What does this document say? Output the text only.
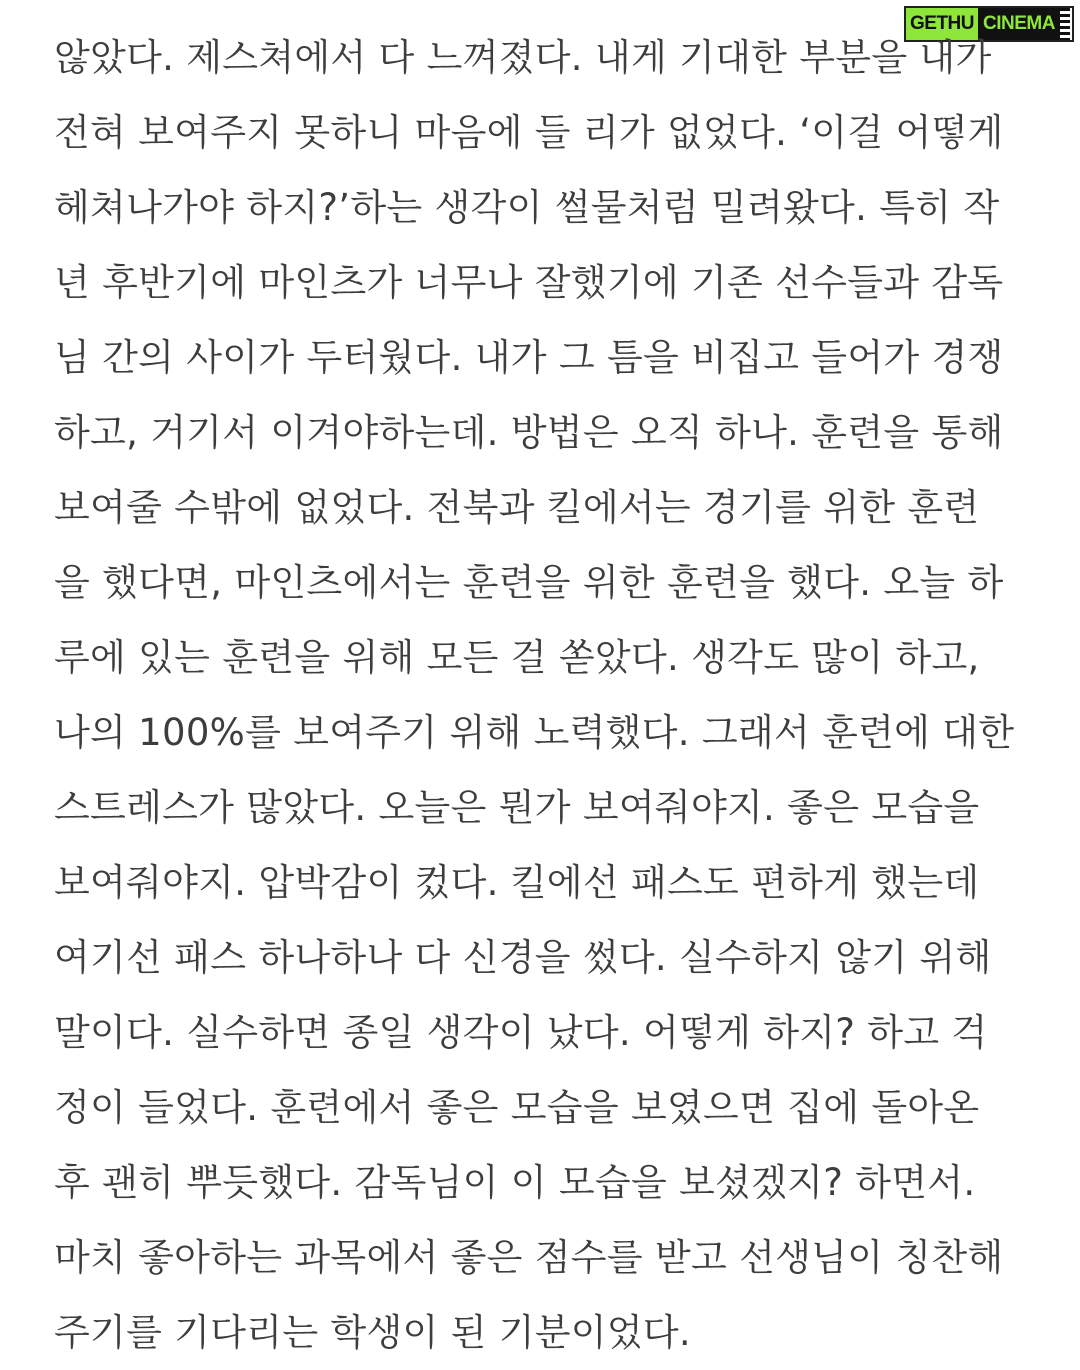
GETHU CINEMA
않았다. 제스쳐에서 다 느껴졌다. 내게 기대한 부분을 내가
전혀 보여주지 못하니 마음에 들 리가 없었다. ‘이걸 어떻게
헤쳐나가야 하지?’하는 생각이 썰물처럼 밀려왔다. 특히 작
년 후반기에 마인츠가 너무나 잘했기에 기존 선수들과 감독
님 간의 사이가 두터웠다. 내가 그 틈을 비집고 들어가 경쟁
하고, 거기서 이겨야하는데. 방법은 오직 하나. 훈련을 통해
보여줄 수밖에 없었다. 전북과 킬에서는 경기를 위한 훈련
을 했다면, 마인츠에서는 훈련을 위한 훈련을 했다. 오늘 하
루에 있는 훈련을 위해 모든 걸 쏟았다. 생각도 많이 하고,
나의 100%를 보여주기 위해 노력했다. 그래서 훈련에 대한
스트레스가 많았다. 오늘은 뭔가 보여줘야지. 좋은 모습을
보여줘야지. 압박감이 컸다. 킬에선 패스도 편하게 했는데
여기선 패스 하나하나 다 신경을 썼다. 실수하지 않기 위해
말이다. 실수하면 종일 생각이 났다. 어떻게 하지? 하고 걱
정이 들었다. 훈련에서 좋은 모습을 보였으면 집에 돌아온
후 괜히 뿌듯했다. 감독님이 이 모습을 보셨겠지? 하면서.
마치 좋아하는 과목에서 좋은 점수를 받고 선생님이 칭찬해
주기를 기다리는 학생이 된 기분이었다.
